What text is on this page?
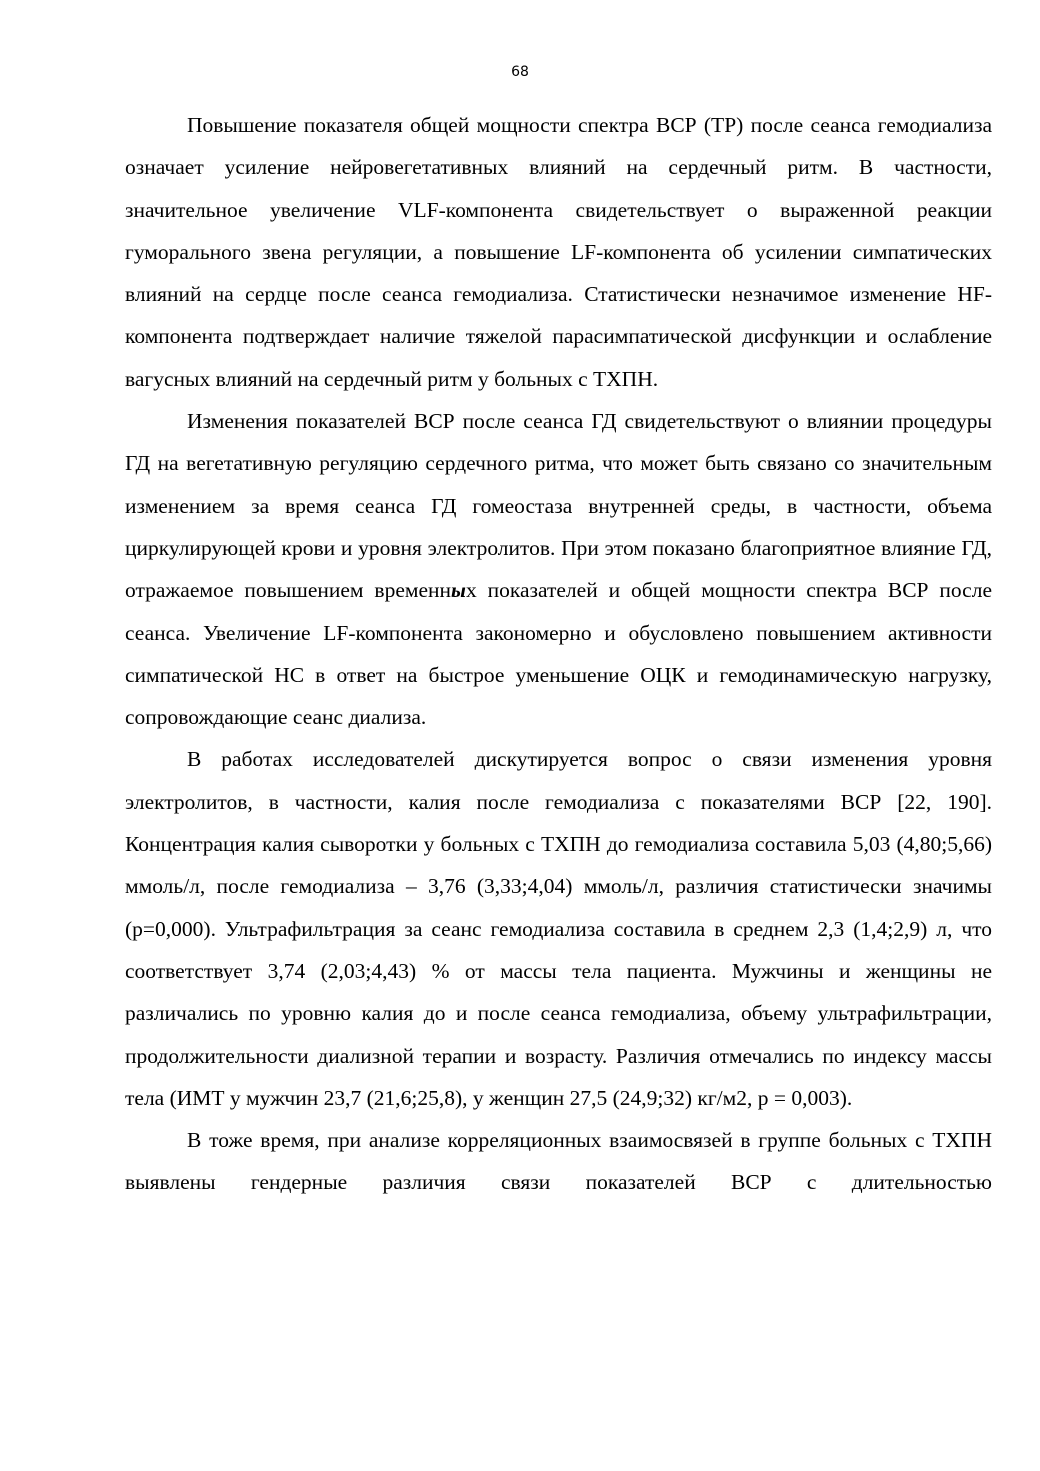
68

Повышение показателя общей мощности спектра ВСР (TP) после сеанса гемодиализа означает усиление нейровегетативных влияний на сердечный ритм. В частности, значительное увеличение VLF-компонента свидетельствует о выраженной реакции гуморального звена регуляции, а повышение LF-компонента об усилении симпатических влияний на сердце после сеанса гемодиализа. Статистически незначимое изменение HF-компонента подтверждает наличие тяжелой парасимпатической дисфункции и ослабление вагусных влияний на сердечный ритм у больных с ТХПН.

Изменения показателей ВСР после сеанса ГД свидетельствуют о влиянии процедуры ГД на вегетативную регуляцию сердечного ритма, что может быть связано со значительным изменением за время сеанса ГД гомеостаза внутренней среды, в частности, объема циркулирующей крови и уровня электролитов. При этом показано благоприятное влияние ГД, отражаемое повышением временных показателей и общей мощности спектра ВСР после сеанса. Увеличение LF-компонента закономерно и обусловлено повышением активности симпатической НС в ответ на быстрое уменьшение ОЦК и гемодинамическую нагрузку, сопровождающие сеанс диализа.

В работах исследователей дискутируется вопрос о связи изменения уровня электролитов, в частности, калия после гемодиализа с показателями ВСР [22, 190]. Концентрация калия сыворотки у больных с ТХПН до гемодиализа составила 5,03 (4,80;5,66) ммоль/л, после гемодиализа – 3,76 (3,33;4,04) ммоль/л, различия статистически значимы (р=0,000). Ультрафильтрация за сеанс гемодиализа составила в среднем 2,3 (1,4;2,9) л, что соответствует 3,74 (2,03;4,43) % от массы тела пациента. Мужчины и женщины не различались по уровню калия до и после сеанса гемодиализа, объему ультрафильтрации, продолжительности диализной терапии и возрасту. Различия отмечались по индексу массы тела (ИМТ у мужчин 23,7 (21,6;25,8), у женщин 27,5 (24,9;32) кг/м2, р = 0,003).

В тоже время, при анализе корреляционных взаимосвязей в группе больных с ТХПН выявлены гендерные различия связи показателей ВСР с длительностью
